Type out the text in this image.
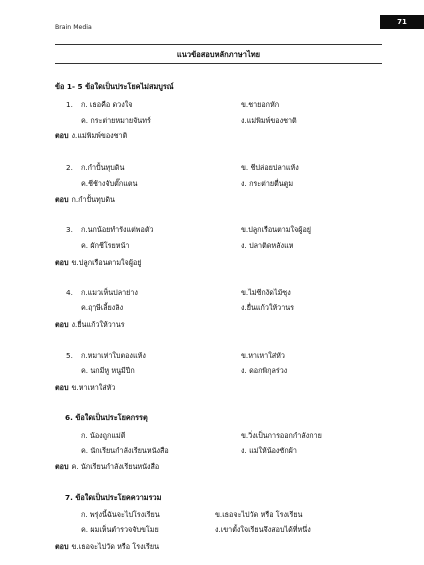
Brain Media
71
แนวข้อสอบหลักภาษาไทย
ข้อ 1- 5 ข้อใดเป็นประโยคไม่สมบูรณ์
1. ก. เธอคือ ดวงใจ	ข.ชายอกหัก
ค. กระต่ายหมายจันทร์	ง.แม่พิมพ์ของชาติ
ตอบ ง.แม่พิมพ์ของชาติ
2. ก.กำปั้นทุบดิน	ข. ชีปล่อยปลาแห้ง
ค.ชีช้างจับตั๊กแตน	ง. กระต่ายตื่นตูม
ตอบ ก.กำปั้นทุบดิน
3. ก.นกน้อยทำรังแต่พอตัว	ข.ปลูกเรือนตามใจผู้อยู่
ค. ผักชีโรยหน้า	ง. ปลาติดหลังแห
ตอบ ข.ปลูกเรือนตามใจผู้อยู่
4. ก.แมวเห็นปลาย่าง	ข.ไม่ซีกงัดไม้ซุง
ค.ฤๅษีเลี้ยงลิง	ง.ยื่นแก้วให้วานร
ตอบ ง.ยื่นแก้วให้วานร
5. ก.หมาเห่าใบตองแห้ง	ข.หาเหาใส่หัว
ค. นกมีหู หนูมีปีก	ง. ดอกพิกุลร่วง
ตอบ ข.หาเหาใส่หัว
6. ข้อใดเป็นประโยคกรรตุ
ก. น้องถูกแม่ตี	ข.วิ่งเป็นการออกกำลังกาย
ค. นักเรียนกำลังเรียนหนังสือ	ง. แม่ให้น้องซักผ้า
ตอบ ค. นักเรียนกำลังเรียนหนังสือ
7. ข้อใดเป็นประโยคความรวม
ก. พรุ่งนี้ฉันจะไปโรงเรียน	ข.เธอจะไปวัด หรือ โรงเรียน
ค. ผมเห็นตำรวจจับขโมย	ง.เขาตั้งใจเรียนจึงสอบได้ที่หนึ่ง
ตอบ ข.เธอจะไปวัด หรือ โรงเรียน
